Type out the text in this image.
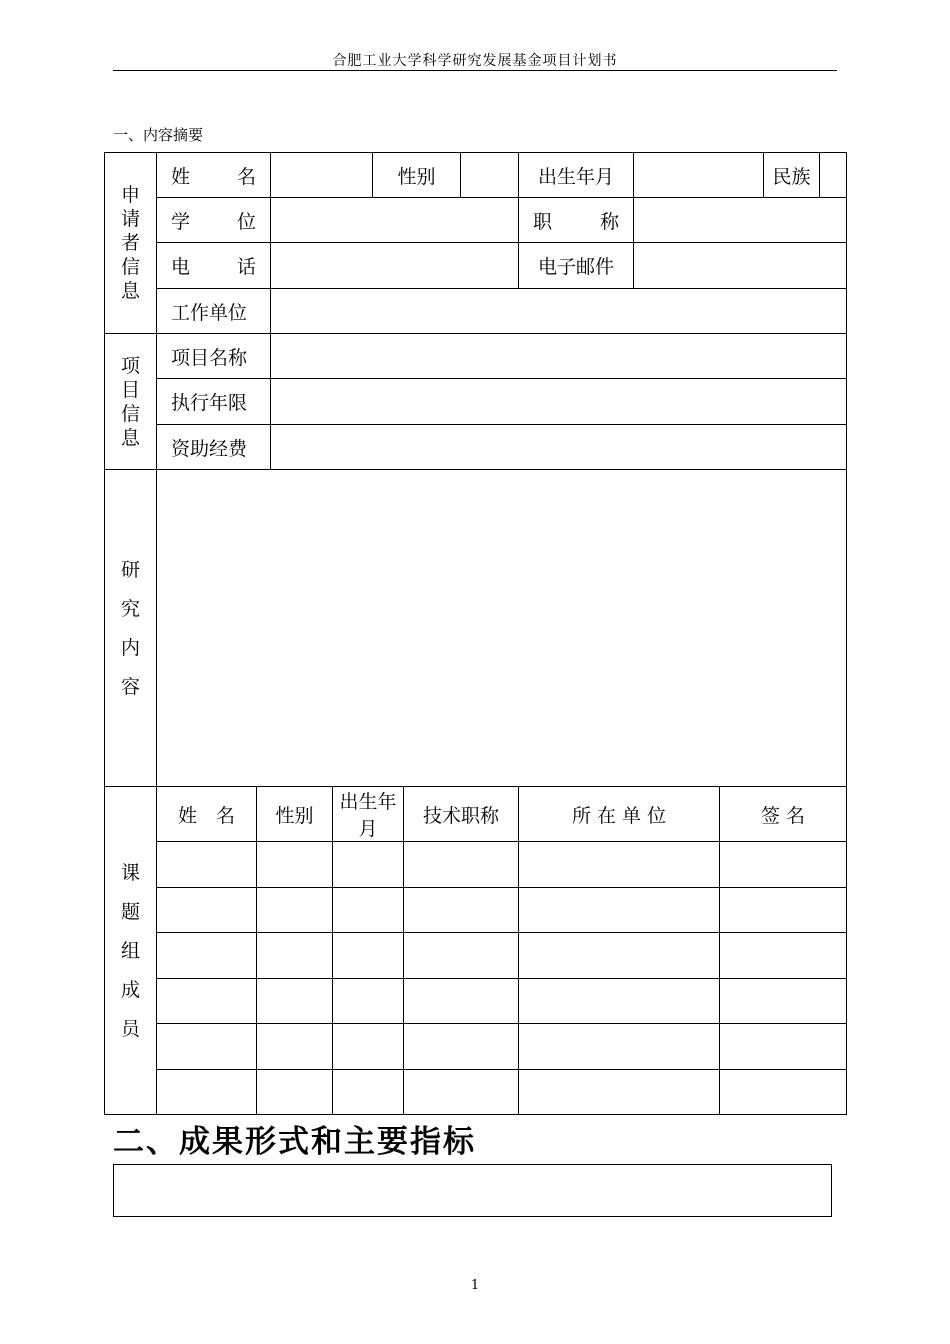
合肥工业大学科学研究发展基金项目计划书
一、内容摘要
申
请
者
信
息	姓 名				性别			出生年月			民族	

	学 位							职 称				

	电 话							电子邮件				
	工作单位											

项
目
信
息	项目名称											
	执行年限											
	资助经费											

研
究
内
容												

课
题
组
成
员	姓　名	性别		出生年月		技术职称		所 在 单 位		签 名		

二、成果形式和主要指标
1
